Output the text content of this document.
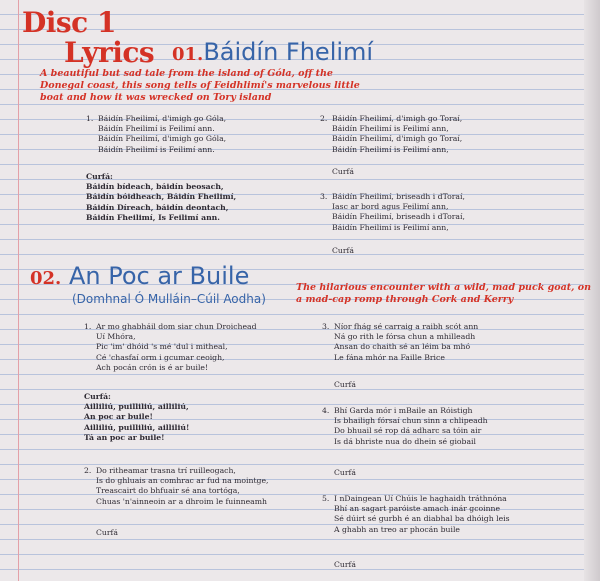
Disc 1
Lyrics 01.Báidín Fhelimí

A beautiful but sad tale from the island of Góla, off the Donegal coast, this song tells of Feidhlimí's marvelous little boat and how it was wrecked on Tory island

1. Báidín Fheilimí, d'imigh go Góla,
Báidín Fheilimí is Feilimí ann.
Báidín Fheilimí, d'imigh go Góla,
Báidín Fheilimí is Feilimí ann.
Curfá:
Báidín bídeach, báidín beosach,
Báidín bóidheach, Báidín Fheilimí,
Báidín Díreach, báidín deontach,
Báidín Fheilimí, Is Feilimí ann.
2. Báidín Fheilimí, d'imigh go Toraí,
Báidín Fheilimí is Feilimí ann,
Báidín Fheilimí, d'imigh go Toraí,
Báidín Fheilimí is Feilimí ann,
Curfá
3. Báidín Fheilimí, briseadh i dToraí,
Iasc ar bord agus Feilimí ann,
Báidín Fheilimí, briseadh i dToraí,
Báidín Fheilimí is Feilimí ann,
Curfá
02. An Poc ar Buile

(Domhnal Ó Mulláin–Cúil Aodha)

The hilarious encounter with a wild, mad puck goat, on a mad-cap romp through Cork and Kerry

1. Ar mo ghabháil dom siar chun Droichead
Uí Mhóra,
Pic 'im' dhóid 's mé 'dul i mitheal,
Cé 'chasfaí orm i gcumar ceoigh,
Ach pocán crón is é ar buile!
Curfá:
Ailliliú, puilliliú, ailliliú,
An poc ar buile!
Ailliliú, puilliliú, ailliliú!
Tá an poc ar buile!
2. Do ritheamar trasna trí ruilleogach,
Is do ghluais an comhrac ar fud na mointge,
Treascairt do bhfuair sé ana tortóga,
Chuas 'n'ainneoin ar a dhroim le fuinneamh
Curfá
3. Níor fhág sé carraig a raibh scót ann
Ná go rith le fórsa chun a mhilleadh
Ansan do chaith sé an léim ba mhó
Le fána mhór na Faille Brice
Curfá
4. Bhí Garda mór i mBaile an Róistigh
Is bhailigh fórsaí chun sinn a chlipeadh
Do bhuail sé rop dá adharc sa tóin air
Is dá bhriste nua do dhein sé giobail
Curfá
5. I nDaingean Uí Chúis le haghaidh tráthnóna
Bhí an sagart paróiste amach inár gcoinne
Sé dúirt sé gurbh é an diabhal ba dhóigh leis
A ghabh an treo ar phocán buile
Curfá
